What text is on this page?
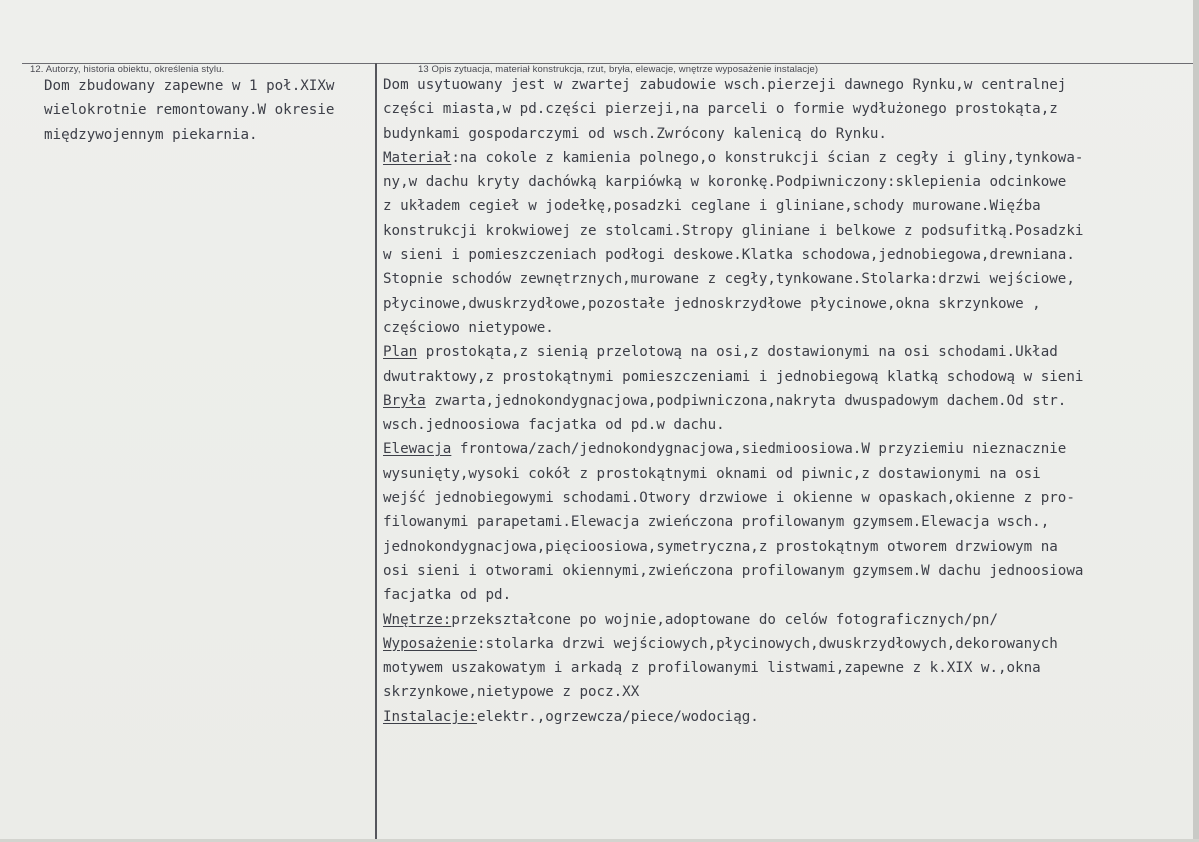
12. Autorzy, historia obiektu, określenia stylu.	13 Opis zytuacja, materiał konstrukcja, rzut, bryła, elewacje, wnętrze wyposażenie instalacje)
Dom zbudowany zapewne w 1 poł.XIXw
wielokrotnie remontowany.W okresie
międzywojennym piekarnia.
Dom usytuowany jest w zwartej zabudowie wsch.pierzeji dawnego Rynku,w centralnej
części miasta,w pd.części pierzeji,na parceli o formie wydłużonego prostokąta,z
budynkami gospodarczymi od wsch.Zwrócony kalenicą do Rynku.
Materiał:na cokole z kamienia polnego,o konstrukcji ścian z cegły i gliny,tynkowa-
ny,w dachu kryty dachówką karpiówką w koronkę.Podpiwniczony:sklepienia odcinkowe
z układem cegieł w jodełkę,posadzki ceglane i gliniane,schody murowane.Więźba
konstrukcji krokwiowej ze stolcami.Stropy gliniane i belkowe z podsufitką.Posadzki
w sieni i pomieszczeniach podłogi deskowe.Klatka schodowa,jednobiegowa,drewniana.
Stopnie schodów zewnętrznych,murowane z cegły,tynkowane.Stolarka:drzwi wejściowe,
płycinowe,dwuskrzydłowe,pozostałe jednoskrzydłowe płycinowe,okna skrzynkowe ,
częściowo nietypowe.
Plan prostokąta,z sienią przelotową na osi,z dostawionymi na osi schodami.Układ
dwutraktowy,z prostokątnymi pomieszczeniami i jednobiegową klatką schodową w sieni
Bryła zwarta,jednokondygnacjowa,podpiwniczona,nakryta dwuspadowym dachem.Od str.
wsch.jednoosiowa facjatka od pd.w dachu.
Elewacja frontowa/zach/jednokondygnacjowa,siedmioosiowa.W przyziemiu nieznacznie
wysunięty,wysoki cokół z prostokątnymi oknami od piwnic,z dostawionymi na osi
wejść jednobiegowymi schodami.Otwory drzwiowe i okienne w opaskach,okienne z pro-
filowanymi parapetami.Elewacja zwieńczona profilowanym gzymsem.Elewacja wsch.,
jednokondygnacjowa,pięcioosiowa,symetryczna,z prostokątnym otworem drzwiowym na
osi sieni i otworami okiennymi,zwieńczona profilowanym gzymsem.W dachu jednoosiowa
facjatka od pd.
Wnętrze:przekształcone po wojnie,adoptowane do celów fotograficznych/pn/
Wyposażenie:stolarka drzwi wejściowych,płycinowych,dwuskrzydłowych,dekorowanych
motywem uszakowatym i arkadą z profilowanymi listwami,zapewne z k.XIX w.,okna
skrzynkowe,nietypowe z pocz.XX
Instalacje:elektr.,ogrzewcza/piece/wodociąg.
